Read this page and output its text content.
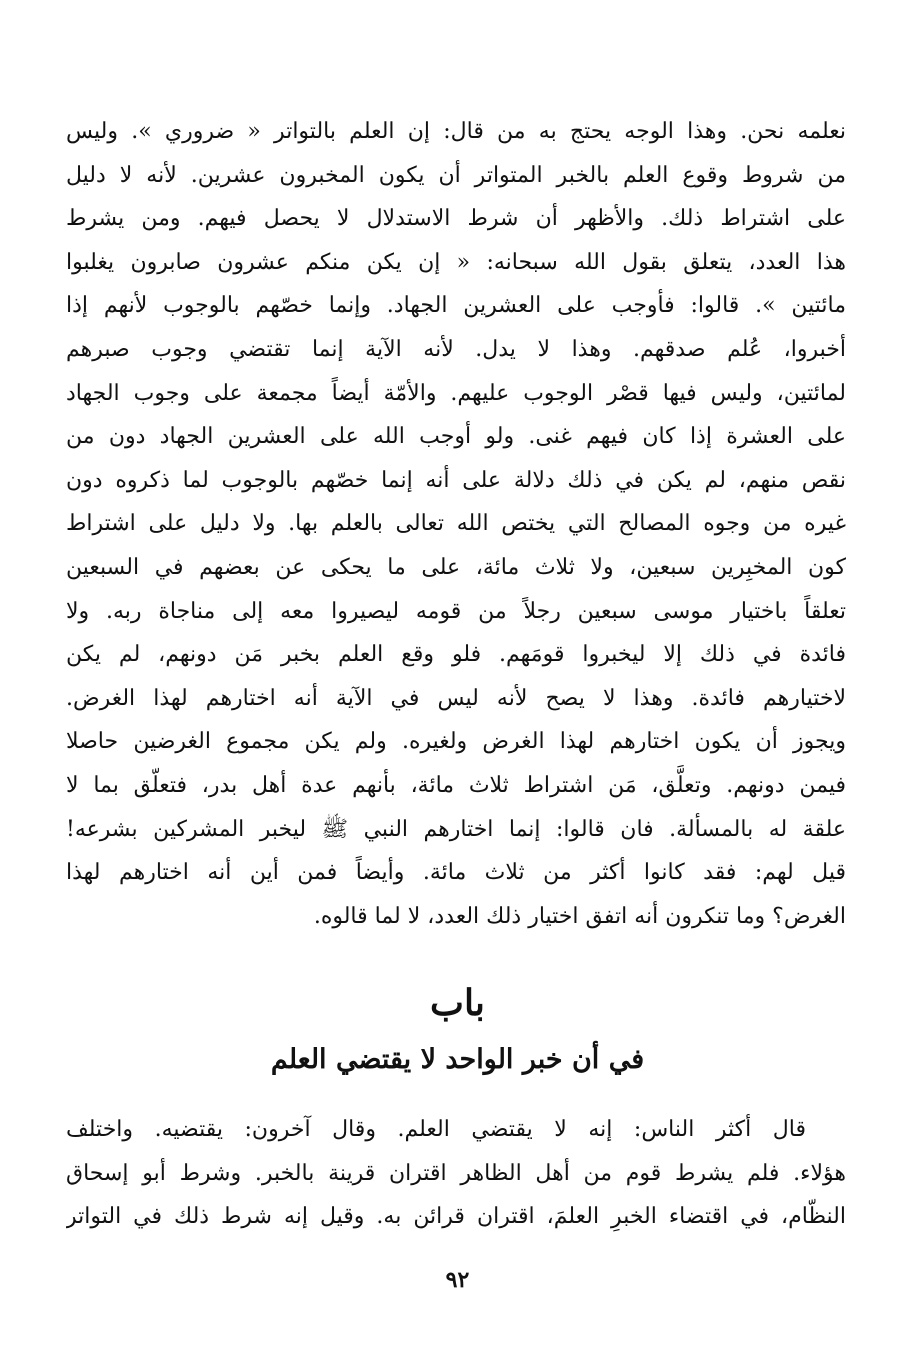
نعلمه نحن. وهذا الوجه يحتج به من قال: إن العلم بالتواتر « ضروري ». وليس
من شروط وقوع العلم بالخبر المتواتر أن يكون المخبرون عشرين. لأنه لا دليل
على اشتراط ذلك. والأظهر أن شرط الاستدلال لا يحصل فيهم. ومن يشرط
هذا العدد، يتعلق بقول الله سبحانه: « إن يكن منكم عشرون صابرون يغلبوا
مائتين ». قالوا: فأوجب على العشرين الجهاد. وإنما خصّهم بالوجوب لأنهم إذا
أخبروا، عُلم صدقهم. وهذا لا يدل. لأنه الآية إنما تقتضي وجوب صبرهم
لمائتين، وليس فيها قصْر الوجوب عليهم. والأمّة أيضاً مجمعة على وجوب الجهاد
على العشرة إذا كان فيهم غنى. ولو أوجب الله على العشرين الجهاد دون من
نقص منهم، لم يكن في ذلك دلالة على أنه إنما خصّهم بالوجوب لما ذكروه دون
غيره من وجوه المصالح التي يختص الله تعالى بالعلم بها. ولا دليل على اشتراط
كون المخبِرين سبعين، ولا ثلاث مائة، على ما يحكى عن بعضهم في السبعين
تعلقاً باختيار موسى سبعين رجلاً من قومه ليصيروا معه إلى مناجاة ربه. ولا
فائدة في ذلك إلا ليخبروا قومَهم. فلو وقع العلم بخبر مَن دونهم، لم يكن
لاختيارهم فائدة. وهذا لا يصح لأنه ليس في الآية أنه اختارهم لهذا الغرض.
ويجوز أن يكون اختارهم لهذا الغرض ولغيره. ولم يكن مجموع الغرضين حاصلا
فيمن دونهم. وتعلَّق، مَن اشتراط ثلاث مائة، بأنهم عدة أهل بدر، فتعلّق بما لا
علقة له بالمسألة. فان قالوا: إنما اختارهم النبي ﷺ ليخبر المشركين بشرعه!
قيل لهم: فقد كانوا أكثر من ثلاث مائة. وأيضاً فمن أين أنه اختارهم لهذا
الغرض؟ وما تنكرون أنه اتفق اختيار ذلك العدد، لا لما قالوه.
باب
في أن خبر الواحد لا يقتضي العلم
قال أكثر الناس: إنه لا يقتضي العلم. وقال آخرون: يقتضيه. واختلف
هؤلاء. فلم يشرط قوم من أهل الظاهر اقتران قرينة بالخبر. وشرط أبو إسحاق
النظّام، في اقتضاء الخبرِ العلمَ، اقتران قرائن به. وقيل إنه شرط ذلك في التواتر
٩٢
